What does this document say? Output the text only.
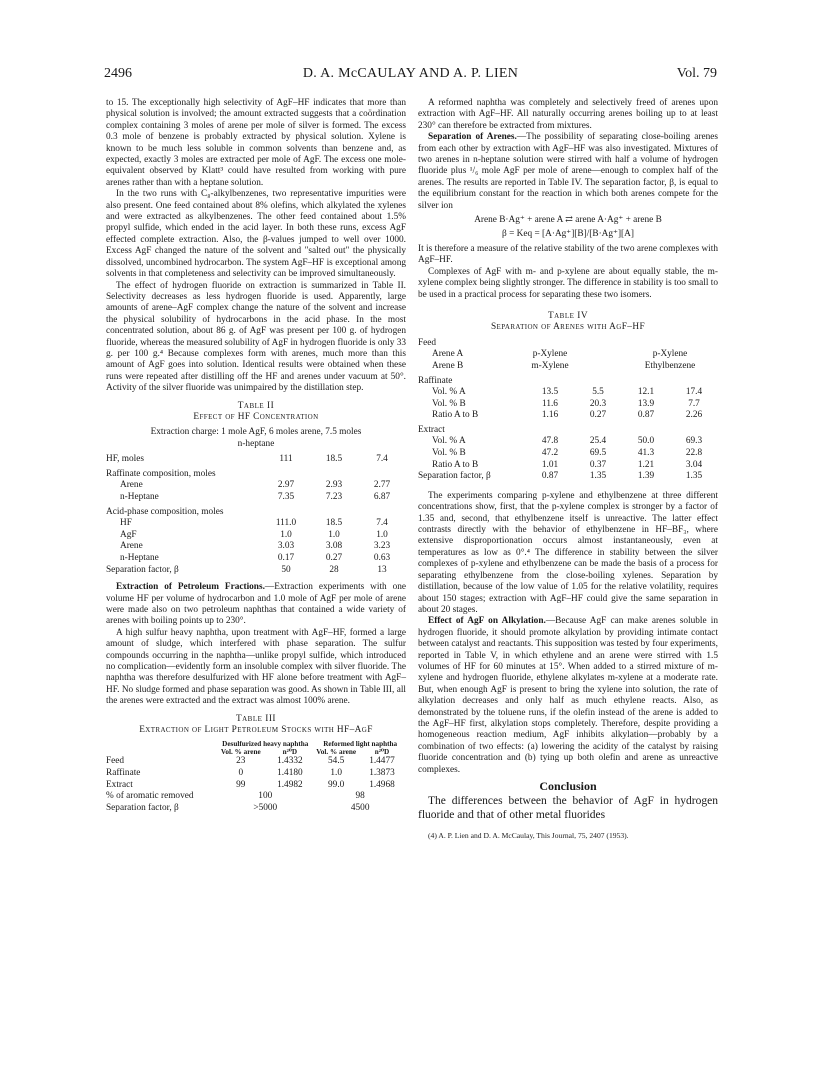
2496	D. A. McCAULAY AND A. P. LIEN	Vol. 79

to 15. The exceptionally high selectivity of AgF–HF indicates that more than physical solution is involved; the amount extracted suggests that a coördination complex containing 3 moles of arene per mole of silver is formed. The excess 0.3 mole of benzene is probably extracted by physical solution. Xylene is known to be much less soluble in common solvents than benzene and, as expected, exactly 3 moles are extracted per mole of AgF. The excess one mole-equivalent observed by Klatt³ could have resulted from working with pure arenes rather than with a heptane solution.

In the two runs with C₈-alkylbenzenes, two representative impurities were also present. One feed contained about 8% olefins, which alkylated the xylenes and were extracted as alkylbenzenes. The other feed contained about 1.5% propyl sulfide, which ended in the acid layer. In both these runs, excess AgF effected complete extraction. Also, the β-values jumped to well over 1000. Excess AgF changed the nature of the solvent and "salted out" the physically dissolved, uncombined hydrocarbon. The system AgF–HF is exceptional among solvents in that completeness and selectivity can be improved simultaneously.

The effect of hydrogen fluoride on extraction is summarized in Table II. Selectivity decreases as less hydrogen fluoride is used. Apparently, large amounts of arene–AgF complex change the nature of the solvent and increase the physical solubility of hydrocarbons in the acid phase. In the most concentrated solution, about 86 g. of AgF was present per 100 g. of hydrogen fluoride, whereas the measured solubility of AgF in hydrogen fluoride is only 33 g. per 100 g.⁴ Because complexes form with arenes, much more than this amount of AgF goes into solution. Identical results were obtained when these runs were repeated after distilling off the HF and arenes under vacuum at 50°. Activity of the silver fluoride was unimpaired by the distillation step.

Table II
Effect of HF Concentration
Extraction charge: 1 mole AgF, 6 moles arene, 7.5 moles
n-heptane
HF, moles	111	18.5	7.4
Raffinate composition, moles			
Arene	2.97	2.93	2.77
n-Heptane	7.35	7.23	6.87
Acid-phase composition, moles			
HF	111.0	18.5	7.4
AgF	1.0	1.0	1.0
Arene	3.03	3.08	3.23
n-Heptane	0.17	0.27	0.63
Separation factor, β	50	28	13

Extraction of Petroleum Fractions.—Extraction experiments with one volume HF per volume of hydrocarbon and 1.0 mole of AgF per mole of arene were made also on two petroleum naphthas that contained a wide variety of arenes with boiling points up to 230°.

A high sulfur heavy naphtha, upon treatment with AgF–HF, formed a large amount of sludge, which interfered with phase separation. The sulfur compounds occurring in the naphtha—unlike propyl sulfide, which introduced no complication—evidently form an insoluble complex with silver fluoride. The naphtha was therefore desulfurized with HF alone before treatment with AgF–HF. No sludge formed and phase separation was good. As shown in Table III, all the arenes were extracted and the extract was almost 100% arene.

Table III
Extraction of Light Petroleum Stocks with HF–AgF
	Desulfurized heavy naphtha		Reformed light naphtha	
	Vol. % arene	n²⁰D	Vol. % arene	n²⁰D
Feed	23	1.4332	54.5	1.4477
Raffinate	0	1.4180	1.0	1.3873
Extract	99	1.4982	99.0	1.4968
% of aromatic removed	100		98	
Separation factor, β	>5000		4500	

A reformed naphtha was completely and selectively freed of arenes upon extraction with AgF–HF. All naturally occurring arenes boiling up to at least 230° can therefore be extracted from mixtures.

Separation of Arenes.—The possibility of separating close-boiling arenes from each other by extraction with AgF–HF was also investigated. Mixtures of two arenes in n-heptane solution were stirred with half a volume of hydrogen fluoride plus ¹/₆ mole AgF per mole of arene—enough to complex half of the arenes. The results are reported in Table IV. The separation factor, β, is equal to the equilibrium constant for the reaction in which both arenes compete for the silver ion

Arene B·Ag⁺ + arene A ⇄ arene A·Ag⁺ + arene B
β = Keq = [A·Ag⁺][B]/[B·Ag⁺][A]

It is therefore a measure of the relative stability of the two arene complexes with AgF–HF.

Complexes of AgF with m- and p-xylene are about equally stable, the m-xylene complex being slightly stronger. The difference in stability is too small to be used in a practical process for separating these two isomers.

Table IV
Separation of Arenes with AgF–HF
Feed				
Arene A	p-Xylene		p-Xylene	
Arene B	m-Xylene		Ethylbenzene	
Raffinate				
Vol. % A	13.5	5.5	12.1	17.4
Vol. % B	11.6	20.3	13.9	7.7
Ratio A to B	1.16	0.27	0.87	2.26
Extract				
Vol. % A	47.8	25.4	50.0	69.3
Vol. % B	47.2	69.5	41.3	22.8
Ratio A to B	1.01	0.37	1.21	3.04
Separation factor, β	0.87	1.35	1.39	1.35

The experiments comparing p-xylene and ethylbenzene at three different concentrations show, first, that the p-xylene complex is stronger by a factor of 1.35 and, second, that ethylbenzene itself is unreactive. The latter effect contrasts directly with the behavior of ethylbenzene in HF–BF₃, where extensive disproportionation occurs almost instantaneously, even at temperatures as low as 0°.⁴ The difference in stability between the silver complexes of p-xylene and ethylbenzene can be made the basis of a process for separating ethylbenzene from the close-boiling xylenes. Separation by distillation, because of the low value of 1.05 for the relative volatility, requires about 150 stages; extraction with AgF–HF could give the same separation in about 20 stages.

Effect of AgF on Alkylation.—Because AgF can make arenes soluble in hydrogen fluoride, it should promote alkylation by providing intimate contact between catalyst and reactants. This supposition was tested by four experiments, reported in Table V, in which ethylene and an arene were stirred with 1.5 volumes of HF for 60 minutes at 15°. When added to a stirred mixture of m-xylene and hydrogen fluoride, ethylene alkylates m-xylene at a moderate rate. But, when enough AgF is present to bring the xylene into solution, the rate of alkylation decreases and only half as much ethylene reacts. Also, as demonstrated by the toluene runs, if the olefin instead of the arene is added to the AgF–HF first, alkylation stops completely. Therefore, despite providing a homogeneous reaction medium, AgF inhibits alkylation—probably by a combination of two effects: (a) lowering the acidity of the catalyst by raising fluoride concentration and (b) tying up both olefin and arene as unreactive complexes.

Conclusion

The differences between the behavior of AgF in hydrogen fluoride and that of other metal fluorides

(4) A. P. Lien and D. A. McCaulay, This Journal, 75, 2407 (1953).
